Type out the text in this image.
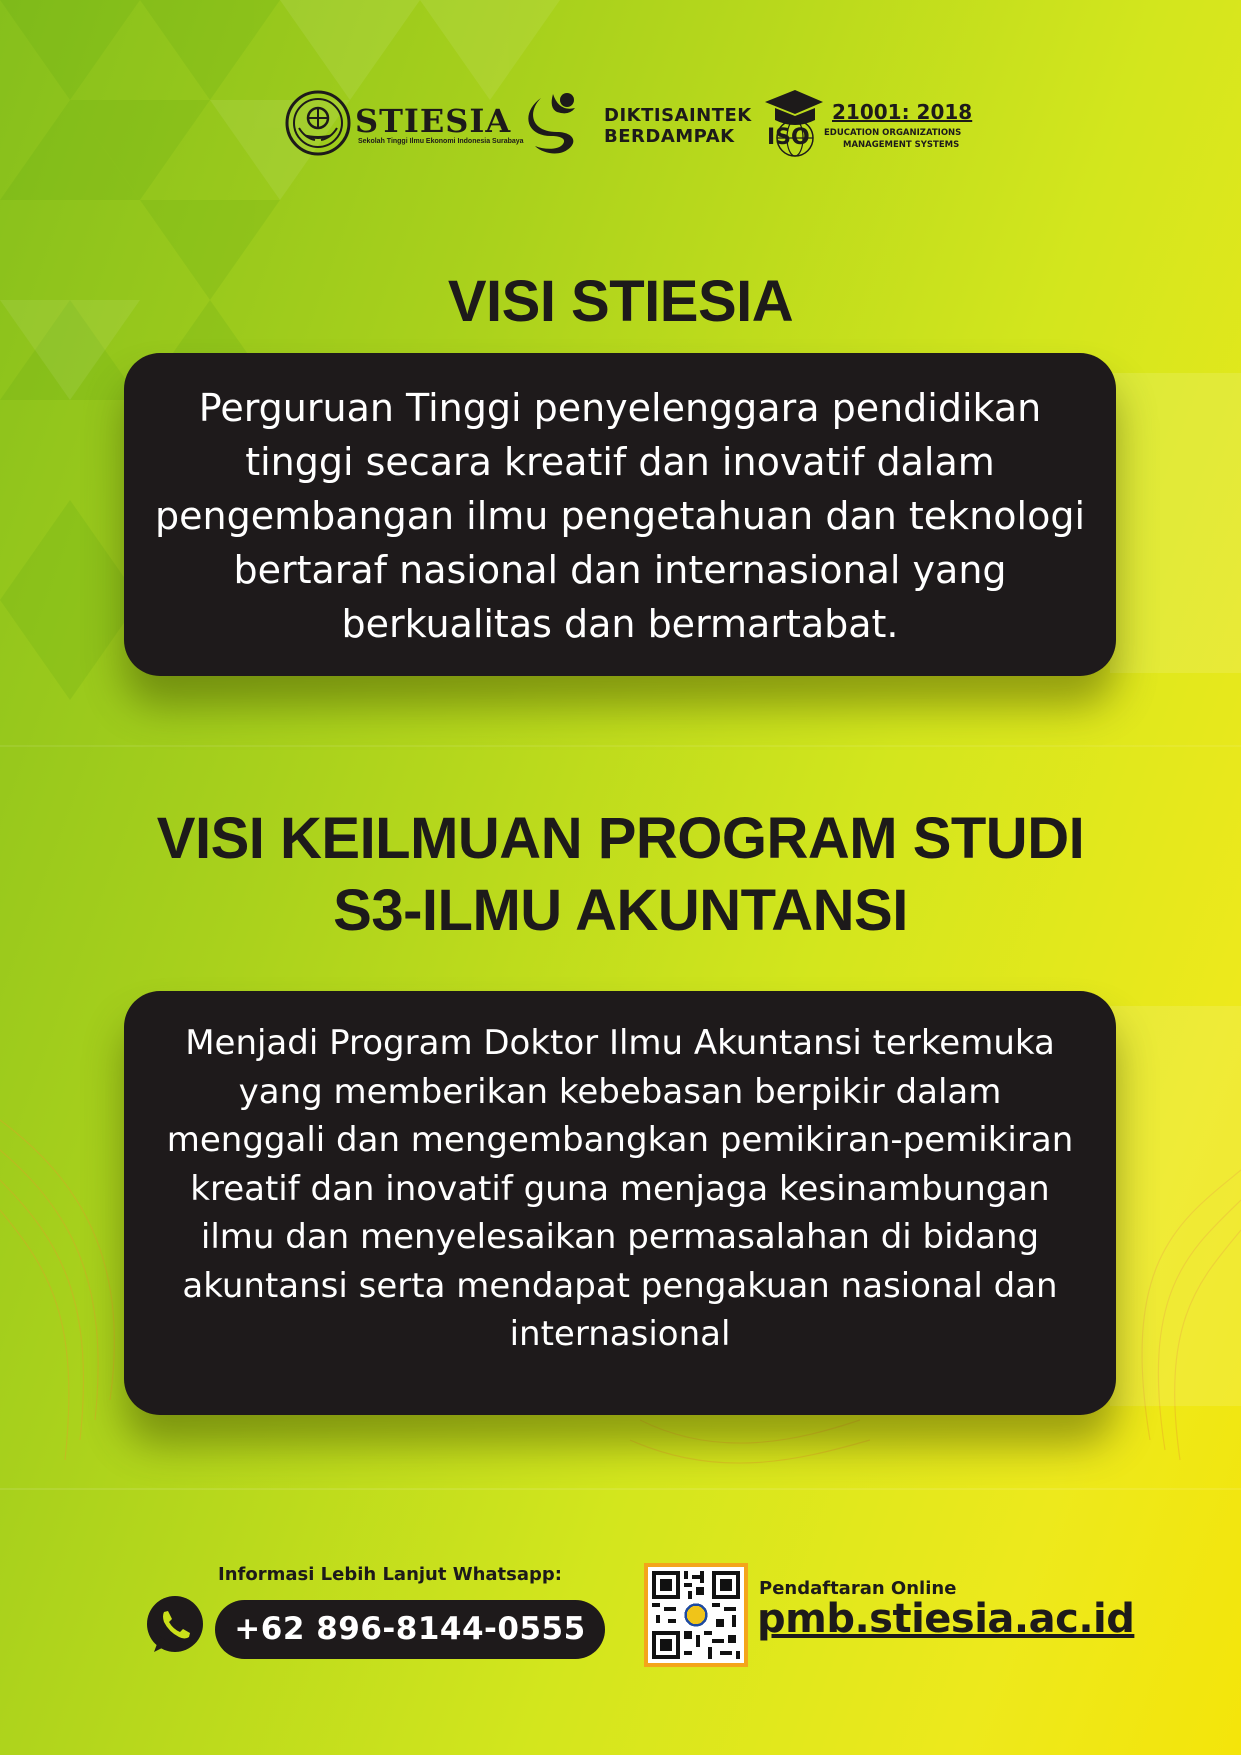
STIESIA
Sekolah Tinggi Ilmu Ekonomi Indonesia Surabaya
DIKTISAINTEK
BERDAMPAK ISO
21001: 2018
EDUCATION ORGANIZATIONS
MANAGEMENT SYSTEMS
VISI STIESIA
Perguruan Tinggi penyelenggara pendidikan tinggi secara kreatif dan inovatif dalam pengembangan ilmu pengetahuan dan teknologi bertaraf nasional dan internasional yang berkualitas dan bermartabat.
VISI KEILMUAN PROGRAM STUDI
S3-ILMU AKUNTANSI
Menjadi Program Doktor Ilmu Akuntansi terkemuka yang memberikan kebebasan berpikir dalam menggali dan mengembangkan pemikiran-pemikiran kreatif dan inovatif guna menjaga kesinambungan ilmu dan menyelesaikan permasalahan di bidang akuntansi serta mendapat pengakuan nasional dan internasional
Informasi Lebih Lanjut Whatsapp:
+62 896-8144-0555
Pendaftaran Online
pmb.stiesia.ac.id
